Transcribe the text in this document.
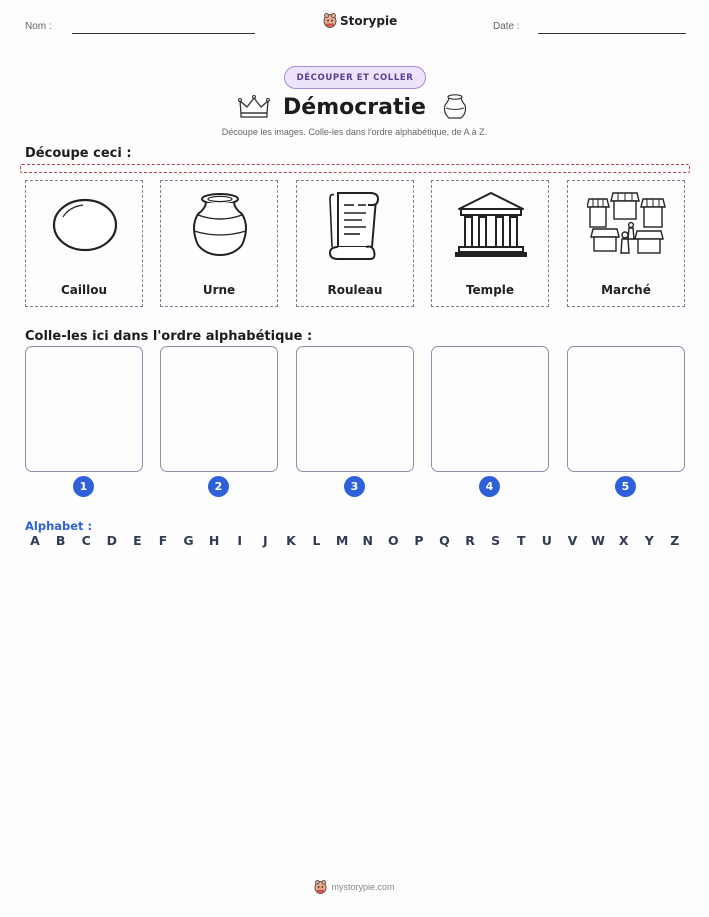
Nom :	Storypie	Date :
DÉCOUPER ET COLLER
Démocratie
Découpe les images. Colle-les dans l'ordre alphabétique, de A à Z.
Découpe ceci :
Caillou	Urne	Rouleau	Temple	Marché
Colle-les ici dans l'ordre alphabétique :
1	2	3	4	5
Alphabet :
A	B	C	D	E	F	G	H	I	J	K	L	M	N	O	P	Q	R	S	T	U	V	W	X	Y	Z
mystorypie.com
